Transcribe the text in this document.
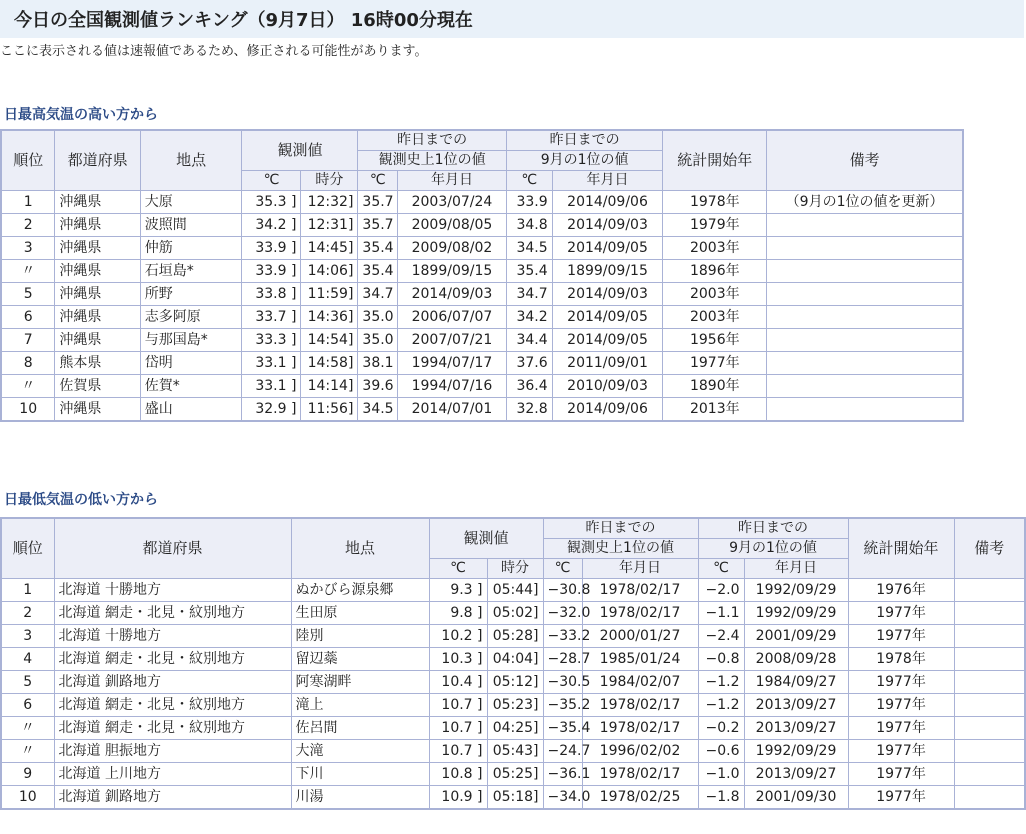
今日の全国観測値ランキング（9月7日） 16時00分現在
ここに表示される値は速報値であるため、修正される可能性があります。
日最高気温の高い方から
順位	都道府県	地点	観測値		昨日までの		昨日までの		統計開始年	備考
					観測史上1位の値		9月の1位の値			
			℃	時分	℃	年月日	℃	年月日		
1	沖縄県	大原	35.3 ]	12:32]	35.7	2003/07/24	33.9	2014/09/06	1978年	（9月の1位の値を更新）
2	沖縄県	波照間	34.2 ]	12:31]	35.7	2009/08/05	34.8	2014/09/03	1979年	
3	沖縄県	仲筋	33.9 ]	14:45]	35.4	2009/08/02	34.5	2014/09/05	2003年	
〃	沖縄県	石垣島*	33.9 ]	14:06]	35.4	1899/09/15	35.4	1899/09/15	1896年	
5	沖縄県	所野	33.8 ]	11:59]	34.7	2014/09/03	34.7	2014/09/03	2003年	
6	沖縄県	志多阿原	33.7 ]	14:36]	35.0	2006/07/07	34.2	2014/09/05	2003年	
7	沖縄県	与那国島*	33.3 ]	14:54]	35.0	2007/07/21	34.4	2014/09/05	1956年	
8	熊本県	岱明	33.1 ]	14:58]	38.1	1994/07/17	37.6	2011/09/01	1977年	
〃	佐賀県	佐賀*	33.1 ]	14:14]	39.6	1994/07/16	36.4	2010/09/03	1890年	
10	沖縄県	盛山	32.9 ]	11:56]	34.5	2014/07/01	32.8	2014/09/06	2013年	
日最低気温の低い方から
順位	都道府県	地点	観測値		昨日までの		昨日までの		統計開始年	備考
					観測史上1位の値		9月の1位の値			
			℃	時分	℃	年月日	℃	年月日		
1	北海道 十勝地方	ぬかびら源泉郷	9.3 ]	05:44]	−30.8	1978/02/17	−2.0	1992/09/29	1976年	
2	北海道 網走・北見・紋別地方	生田原	9.8 ]	05:02]	−32.0	1978/02/17	−1.1	1992/09/29	1977年	
3	北海道 十勝地方	陸別	10.2 ]	05:28]	−33.2	2000/01/27	−2.4	2001/09/29	1977年	
4	北海道 網走・北見・紋別地方	留辺蘂	10.3 ]	04:04]	−28.7	1985/01/24	−0.8	2008/09/28	1978年	
5	北海道 釧路地方	阿寒湖畔	10.4 ]	05:12]	−30.5	1984/02/07	−1.2	1984/09/27	1977年	
6	北海道 網走・北見・紋別地方	滝上	10.7 ]	05:23]	−35.2	1978/02/17	−1.2	2013/09/27	1977年	
〃	北海道 網走・北見・紋別地方	佐呂間	10.7 ]	04:25]	−35.4	1978/02/17	−0.2	2013/09/27	1977年	
〃	北海道 胆振地方	大滝	10.7 ]	05:43]	−24.7	1996/02/02	−0.6	1992/09/29	1977年	
9	北海道 上川地方	下川	10.8 ]	05:25]	−36.1	1978/02/17	−1.0	2013/09/27	1977年	
10	北海道 釧路地方	川湯	10.9 ]	05:18]	−34.0	1978/02/25	−1.8	2001/09/30	1977年	
